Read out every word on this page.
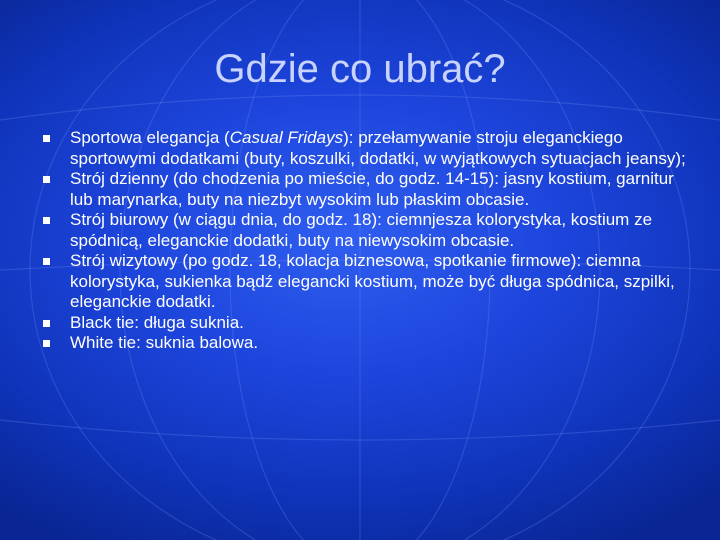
Gdzie co ubrać?
Sportowa elegancja (Casual Fridays): przełamywanie stroju eleganckiego sportowymi dodatkami (buty, koszulki, dodatki, w wyjątkowych sytuacjach jeansy);
Strój dzienny (do chodzenia po mieście, do godz. 14-15): jasny kostium, garnitur lub marynarka, buty na niezbyt wysokim lub płaskim obcasie.
Strój biurowy (w ciągu dnia, do godz. 18): ciemnjesza kolorystyka, kostium ze spódnicą, eleganckie dodatki, buty na niewysokim obcasie.
Strój wizytowy (po godz. 18, kolacja biznesowa, spotkanie firmowe): ciemna kolorystyka, sukienka bądź elegancki kostium, może być długa spódnica, szpilki, eleganckie dodatki.
Black tie: długa suknia.
White tie: suknia balowa.
